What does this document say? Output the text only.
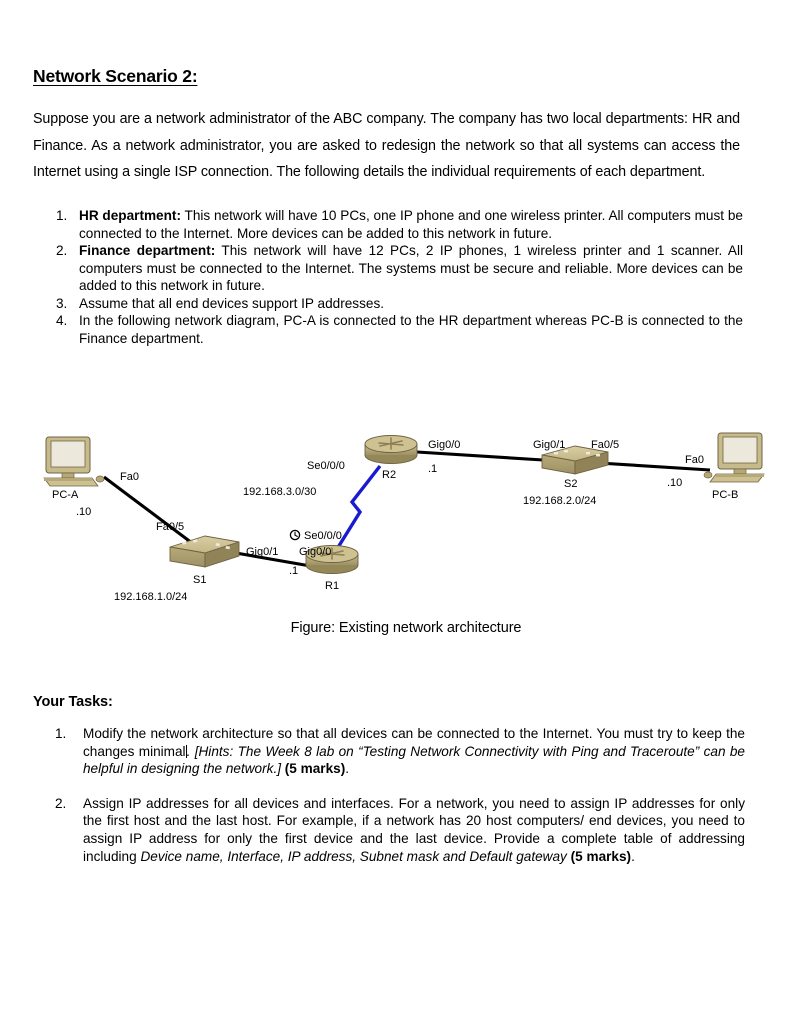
Network Scenario 2:
Suppose you are a network administrator of the ABC company. The company has two local departments: HR and Finance. As a network administrator, you are asked to redesign the network so that all systems can access the Internet using a single ISP connection. The following details the individual requirements of each department.
1. HR department: This network will have 10 PCs, one IP phone and one wireless printer. All computers must be connected to the Internet. More devices can be added to this network in future.
2. Finance department: This network will have 12 PCs, 2 IP phones, 1 wireless printer and 1 scanner. All computers must be connected to the Internet. The systems must be secure and reliable. More devices can be added to this network in future.
3. Assume that all end devices support IP addresses.
4. In the following network diagram, PC-A is connected to the HR department whereas PC-B is connected to the Finance department.
Fa0
PC-A
.10
Fa0/5
Gig0/1
S1
192.168.1.0/24
Se0/0/0
Gig0/0
.1
R1
192.168.3.0/30
Se0/0/0
R2
Gig0/0
.1
Gig0/1 Fa0/5
S2
192.168.2.0/24
Fa0
.10
PC-B
Figure: Existing network architecture
Your Tasks:
1.	Modify the network architecture so that all devices can be connected to the Internet. You must try to keep the changes minimal. [Hints: The Week 8 lab on “Testing Network Connectivity with Ping and Traceroute” can be helpful in designing the network.] (5 marks).
2.	Assign IP addresses for all devices and interfaces. For a network, you need to assign IP addresses for only the first host and the last host. For example, if a network has 20 host computers/ end devices, you need to assign IP address for only the first device and the last device. Provide a complete table of addressing including Device name, Interface, IP address, Subnet mask and Default gateway (5 marks).
